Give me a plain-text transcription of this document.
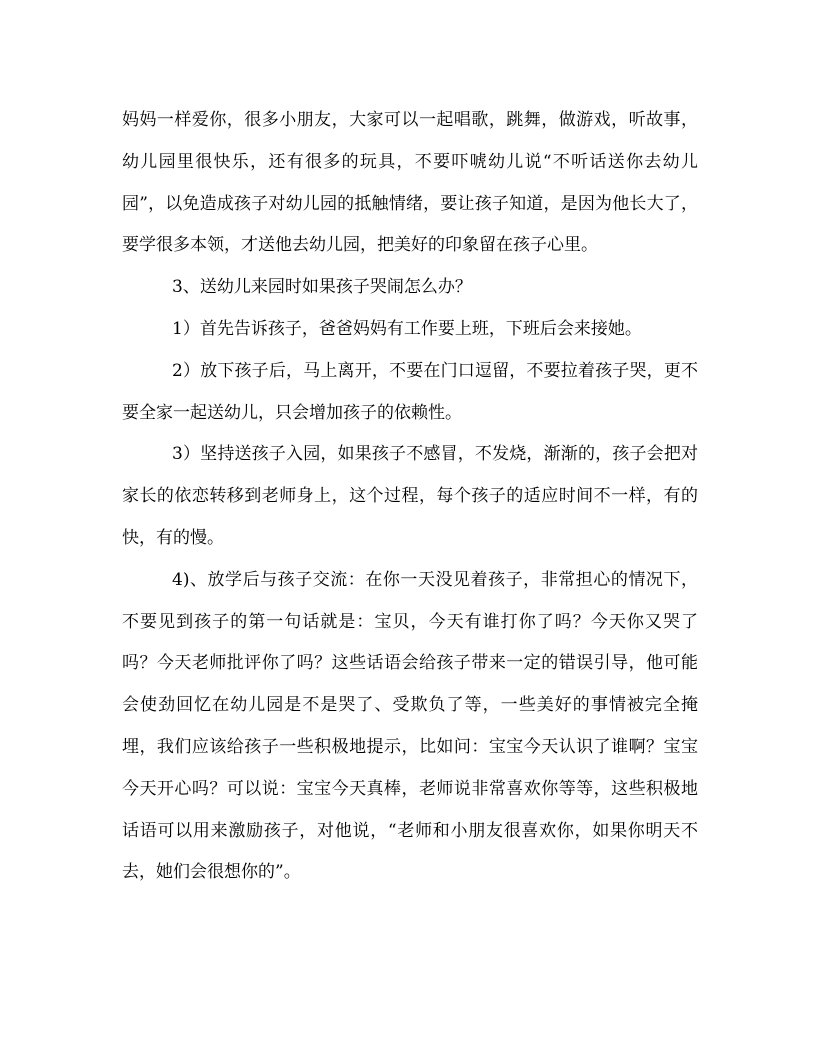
妈妈一样爱你，很多小朋友，大家可以一起唱歌，跳舞，做游戏，听故事，幼儿园里很快乐，还有很多的玩具，不要吓唬幼儿说“不听话送你去幼儿园”，以免造成孩子对幼儿园的抵触情绪，要让孩子知道，是因为他长大了，要学很多本领，才送他去幼儿园，把美好的印象留在孩子心里。

3、送幼儿来园时如果孩子哭闹怎么办？

1）首先告诉孩子，爸爸妈妈有工作要上班，下班后会来接她。

2）放下孩子后，马上离开，不要在门口逗留，不要拉着孩子哭，更不要全家一起送幼儿，只会增加孩子的依赖性。

3）坚持送孩子入园，如果孩子不感冒，不发烧，渐渐的，孩子会把对家长的依恋转移到老师身上，这个过程，每个孩子的适应时间不一样，有的快，有的慢。

4)、放学后与孩子交流：在你一天没见着孩子，非常担心的情况下，不要见到孩子的第一句话就是：宝贝，今天有谁打你了吗？今天你又哭了吗？今天老师批评你了吗？这些话语会给孩子带来一定的错误引导，他可能会使劲回忆在幼儿园是不是哭了、受欺负了等，一些美好的事情被完全掩埋，我们应该给孩子一些积极地提示，比如问：宝宝今天认识了谁啊？宝宝今天开心吗？可以说：宝宝今天真棒，老师说非常喜欢你等等，这些积极地话语可以用来激励孩子，对他说，“老师和小朋友很喜欢你，如果你明天不去，她们会很想你的”。
